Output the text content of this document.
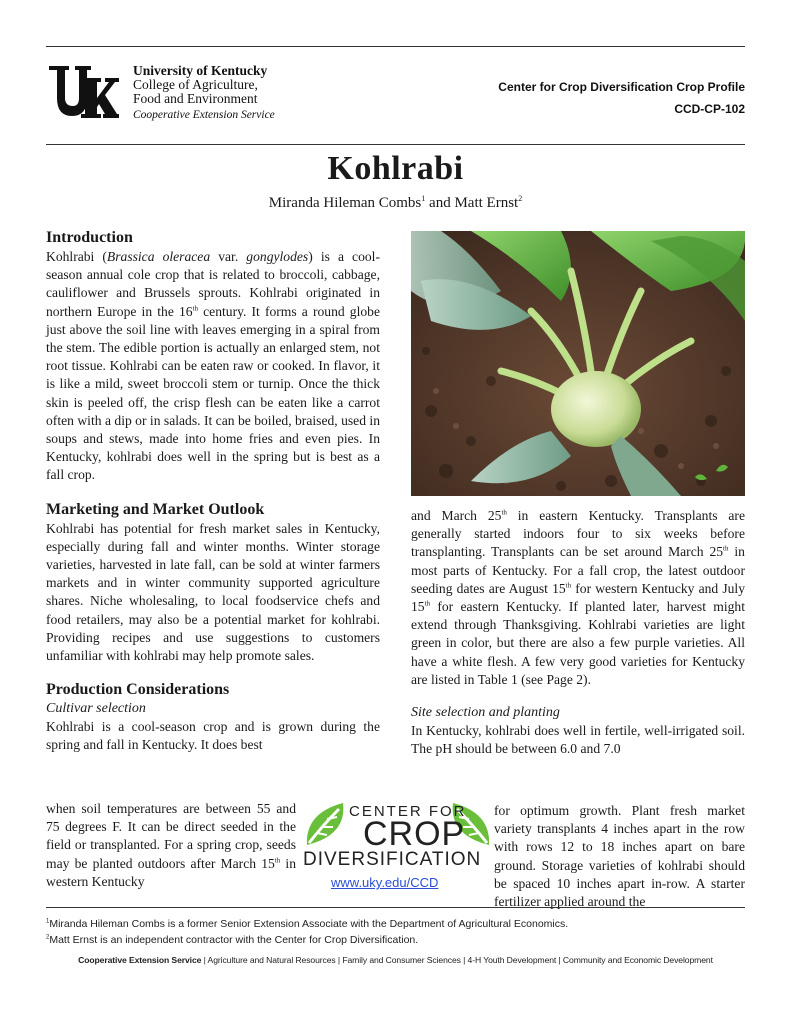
University of Kentucky
College of Agriculture,
Food and Environment
Cooperative Extension Service
Center for Crop Diversification Crop Profile
CCD-CP-102
Kohlrabi
Miranda Hileman Combs$^1$ and Matt Ernst$^2$
Introduction

Kohlrabi (Brassica oleracea var. gongylodes) is a cool-season annual cole crop that is related to broccoli, cabbage, cauliflower and Brussels sprouts. Kohlrabi originated in northern Europe in the 16th century. It forms a round globe just above the soil line with leaves emerging in a spiral from the stem. The edible portion is actually an enlarged stem, not root tissue. Kohlrabi can be eaten raw or cooked. In flavor, it is like a mild, sweet broccoli stem or turnip. Once the thick skin is peeled off, the crisp flesh can be eaten like a carrot often with a dip or in salads. It can be boiled, braised, used in soups and stews, made into home fries and even pies. In Kentucky, kohlrabi does well in the spring but is best as a fall crop.

Marketing and Market Outlook

Kohlrabi has potential for fresh market sales in Kentucky, especially during fall and winter months. Winter storage varieties, harvested in late fall, can be sold at winter farmers markets and in winter community supported agriculture shares. Niche wholesaling, to local foodservice chefs and food retailers, may also be a potential market for kohlrabi. Providing recipes and use suggestions to customers unfamiliar with kohlrabi may help promote sales.

Production Considerations
Cultivar selection

Kohlrabi is a cool-season crop and is grown during the spring and fall in Kentucky. It does best

when soil temperatures are between 55 and 75 degrees F. It can be direct seeded in the field or transplanted. For a spring crop, seeds may be planted outdoors after March 15th in western Kentucky

and March 25th in eastern Kentucky. Transplants are generally started indoors four to six weeks before transplanting. Transplants can be set around March 25th in most parts of Kentucky. For a fall crop, the latest outdoor seeding dates are August 15th for western Kentucky and July 15th for eastern Kentucky. If planted later, harvest might extend through Thanksgiving. Kohlrabi varieties are light green in color, but there are also a few purple varieties. All have a white flesh. A few very good varieties for Kentucky are listed in Table 1 (see Page 2).

Site selection and planting

In Kentucky, kohlrabi does well in fertile, well-irrigated soil. The pH should be between 6.0 and 7.0

for optimum growth. Plant fresh market variety transplants 4 inches apart in the row with rows 12 to 18 inches apart on bare ground. Storage varieties of kohlrabi should be spaced 10 inches apart in-row. A starter fertilizer applied around the

CENTER FOR
CROP
DIVERSIFICATION
www.uky.edu/CCD
$^1$Miranda Hileman Combs is a former Senior Extension Associate with the Department of Agricultural Economics.
$^2$Matt Ernst is an independent contractor with the Center for Crop Diversification.
Cooperative Extension Service | Agriculture and Natural Resources | Family and Consumer Sciences | 4-H Youth Development | Community and Economic Development
